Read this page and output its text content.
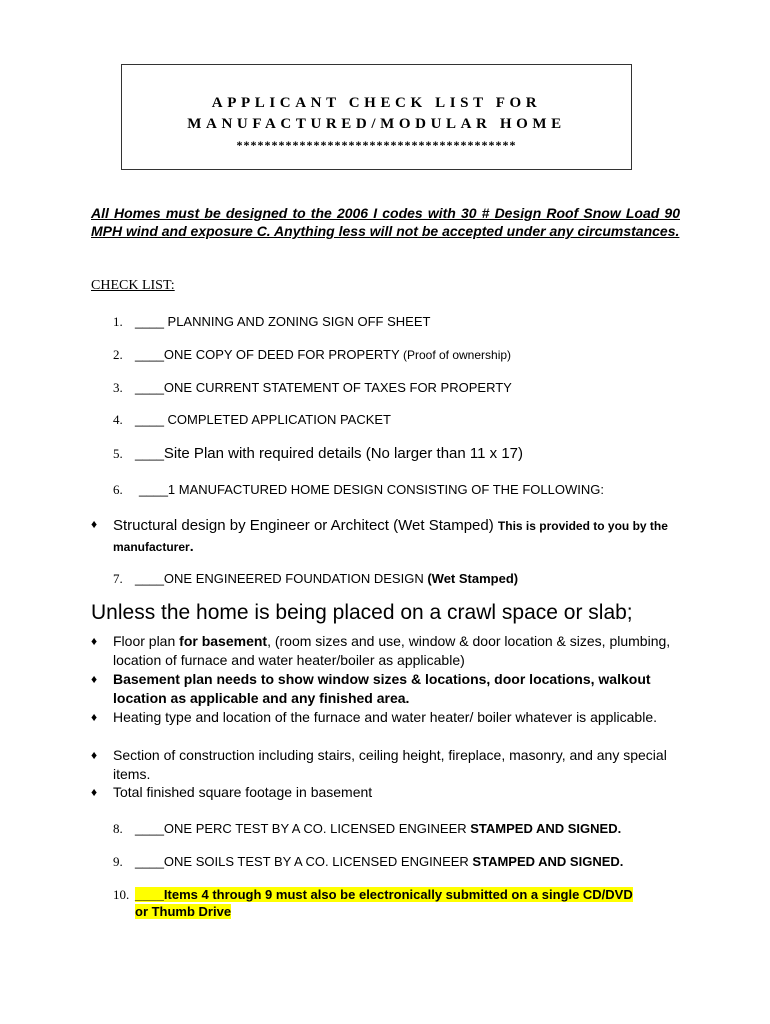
APPLICANT CHECK LIST FOR
MANUFACTURED/MODULAR HOME
****************************************
All Homes must be designed to the 2006 I codes with 30 # Design Roof Snow Load 90 MPH wind and exposure C. Anything less will not be accepted under any circumstances.
CHECK LIST:
1. ____ PLANNING AND ZONING SIGN OFF SHEET
2. ____ONE COPY OF DEED FOR PROPERTY (Proof of ownership)
3. ____ONE CURRENT STATEMENT OF TAXES FOR PROPERTY
4. ____ COMPLETED APPLICATION PACKET
5. ____Site Plan with required details (No larger than 11 x 17)
6. ____1 MANUFACTURED HOME DESIGN CONSISTING OF THE FOLLOWING:
♦ Structural design by Engineer or Architect (Wet Stamped) This is provided to you by the manufacturer.
7. ____ONE ENGINEERED FOUNDATION DESIGN (Wet Stamped)
Unless the home is being placed on a crawl space or slab;
♦ Floor plan for basement, (room sizes and use, window & door location & sizes, plumbing, location of furnace and water heater/boiler as applicable)
♦ Basement plan needs to show window sizes & locations, door locations, walkout location as applicable and any finished area.
♦ Heating type and location of the furnace and water heater/ boiler whatever is applicable.
♦ Section of construction including stairs, ceiling height, fireplace, masonry, and any special items.
♦ Total finished square footage in basement
8. ____ONE PERC TEST BY A CO. LICENSED ENGINEER STAMPED AND SIGNED.
9. ____ONE SOILS TEST BY A CO. LICENSED ENGINEER STAMPED AND SIGNED.
10. ____Items 4 through 9 must also be electronically submitted on a single CD/DVD
or Thumb Drive
